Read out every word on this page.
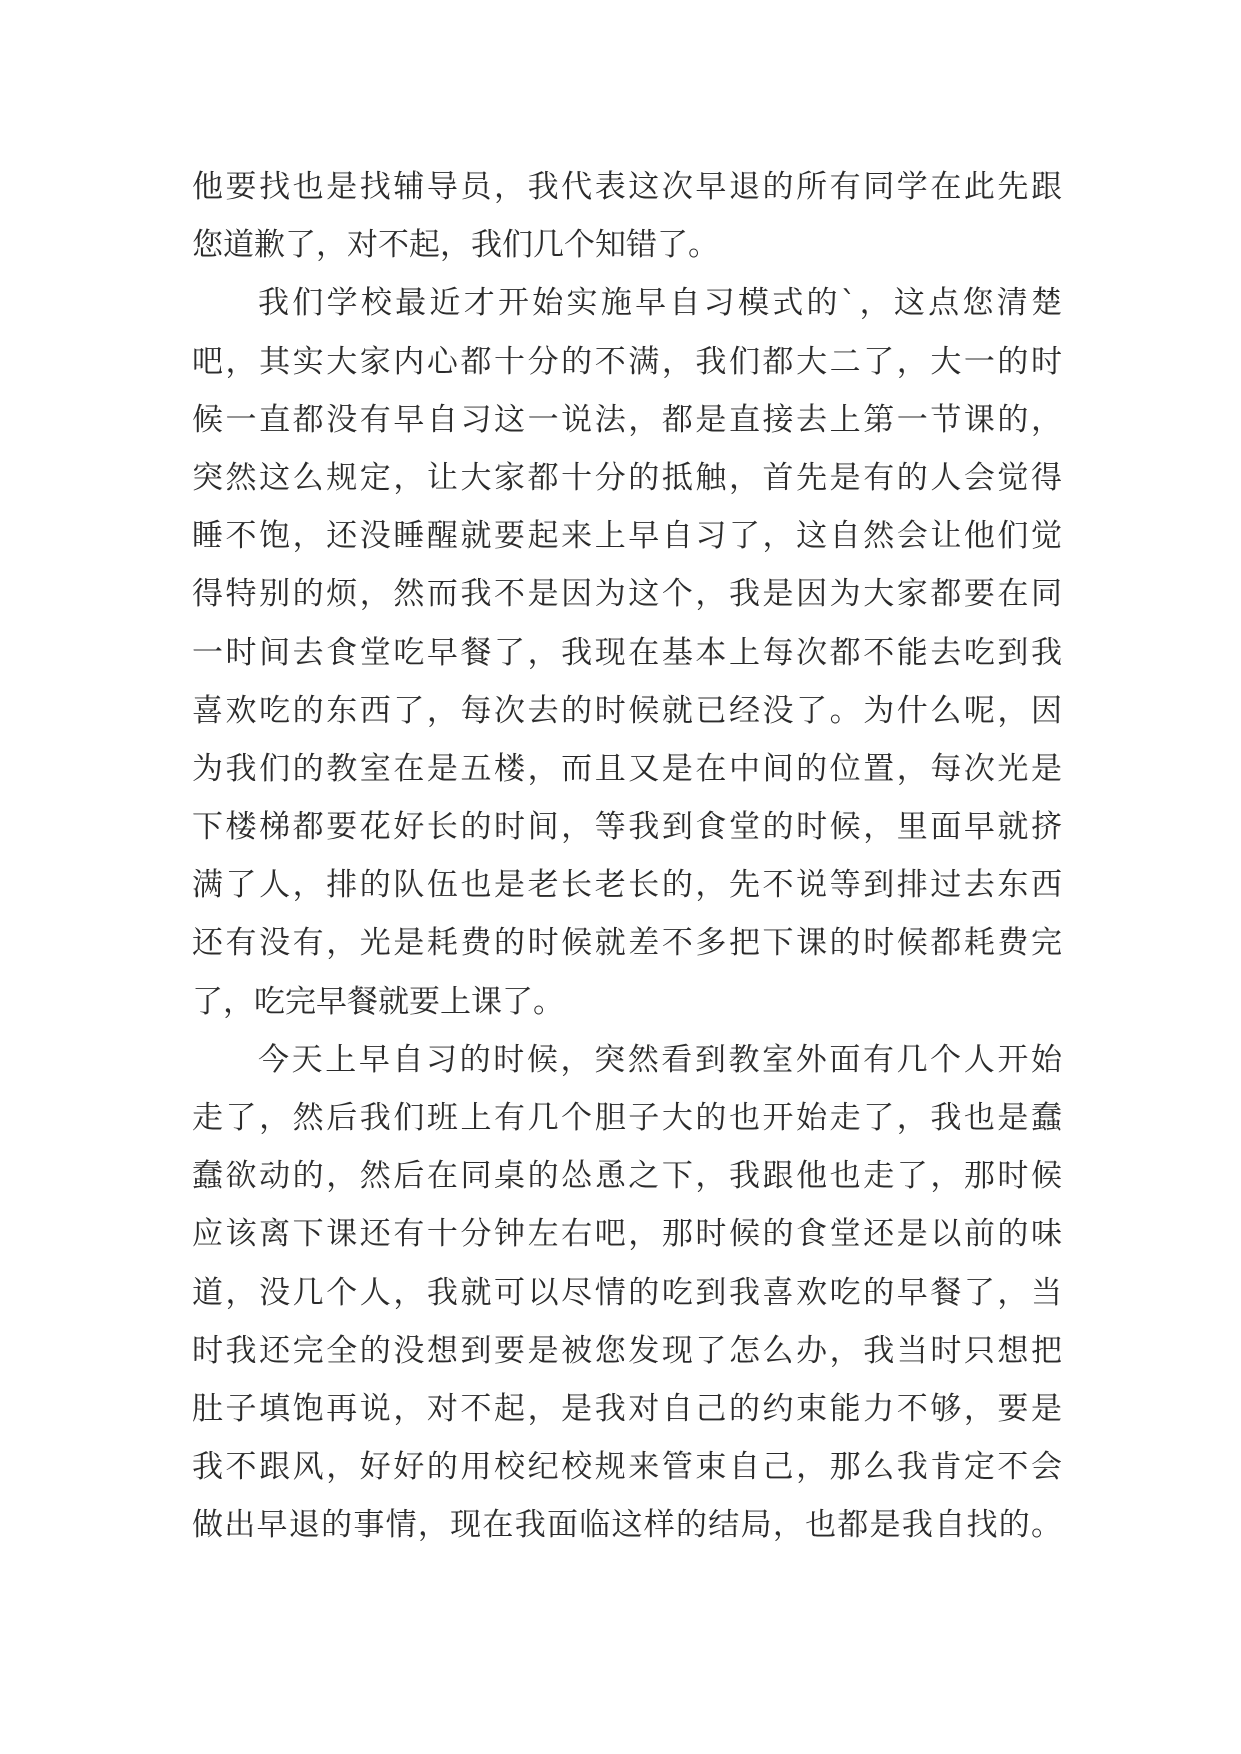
他要找也是找辅导员，我代表这次早退的所有同学在此先跟
您道歉了，对不起，我们几个知错了。
我们学校最近才开始实施早自习模式的`，这点您清楚
吧，其实大家内心都十分的不满，我们都大二了，大一的时
候一直都没有早自习这一说法，都是直接去上第一节课的，
突然这么规定，让大家都十分的抵触，首先是有的人会觉得
睡不饱，还没睡醒就要起来上早自习了，这自然会让他们觉
得特别的烦，然而我不是因为这个，我是因为大家都要在同
一时间去食堂吃早餐了，我现在基本上每次都不能去吃到我
喜欢吃的东西了，每次去的时候就已经没了。为什么呢，因
为我们的教室在是五楼，而且又是在中间的位置，每次光是
下楼梯都要花好长的时间，等我到食堂的时候，里面早就挤
满了人，排的队伍也是老长老长的，先不说等到排过去东西
还有没有，光是耗费的时候就差不多把下课的时候都耗费完
了，吃完早餐就要上课了。
今天上早自习的时候，突然看到教室外面有几个人开始
走了，然后我们班上有几个胆子大的也开始走了，我也是蠢
蠢欲动的，然后在同桌的怂恿之下，我跟他也走了，那时候
应该离下课还有十分钟左右吧，那时候的食堂还是以前的味
道，没几个人，我就可以尽情的吃到我喜欢吃的早餐了，当
时我还完全的没想到要是被您发现了怎么办，我当时只想把
肚子填饱再说，对不起，是我对自己的约束能力不够，要是
我不跟风，好好的用校纪校规来管束自己，那么我肯定不会
做出早退的事情，现在我面临这样的结局，也都是我自找的。
